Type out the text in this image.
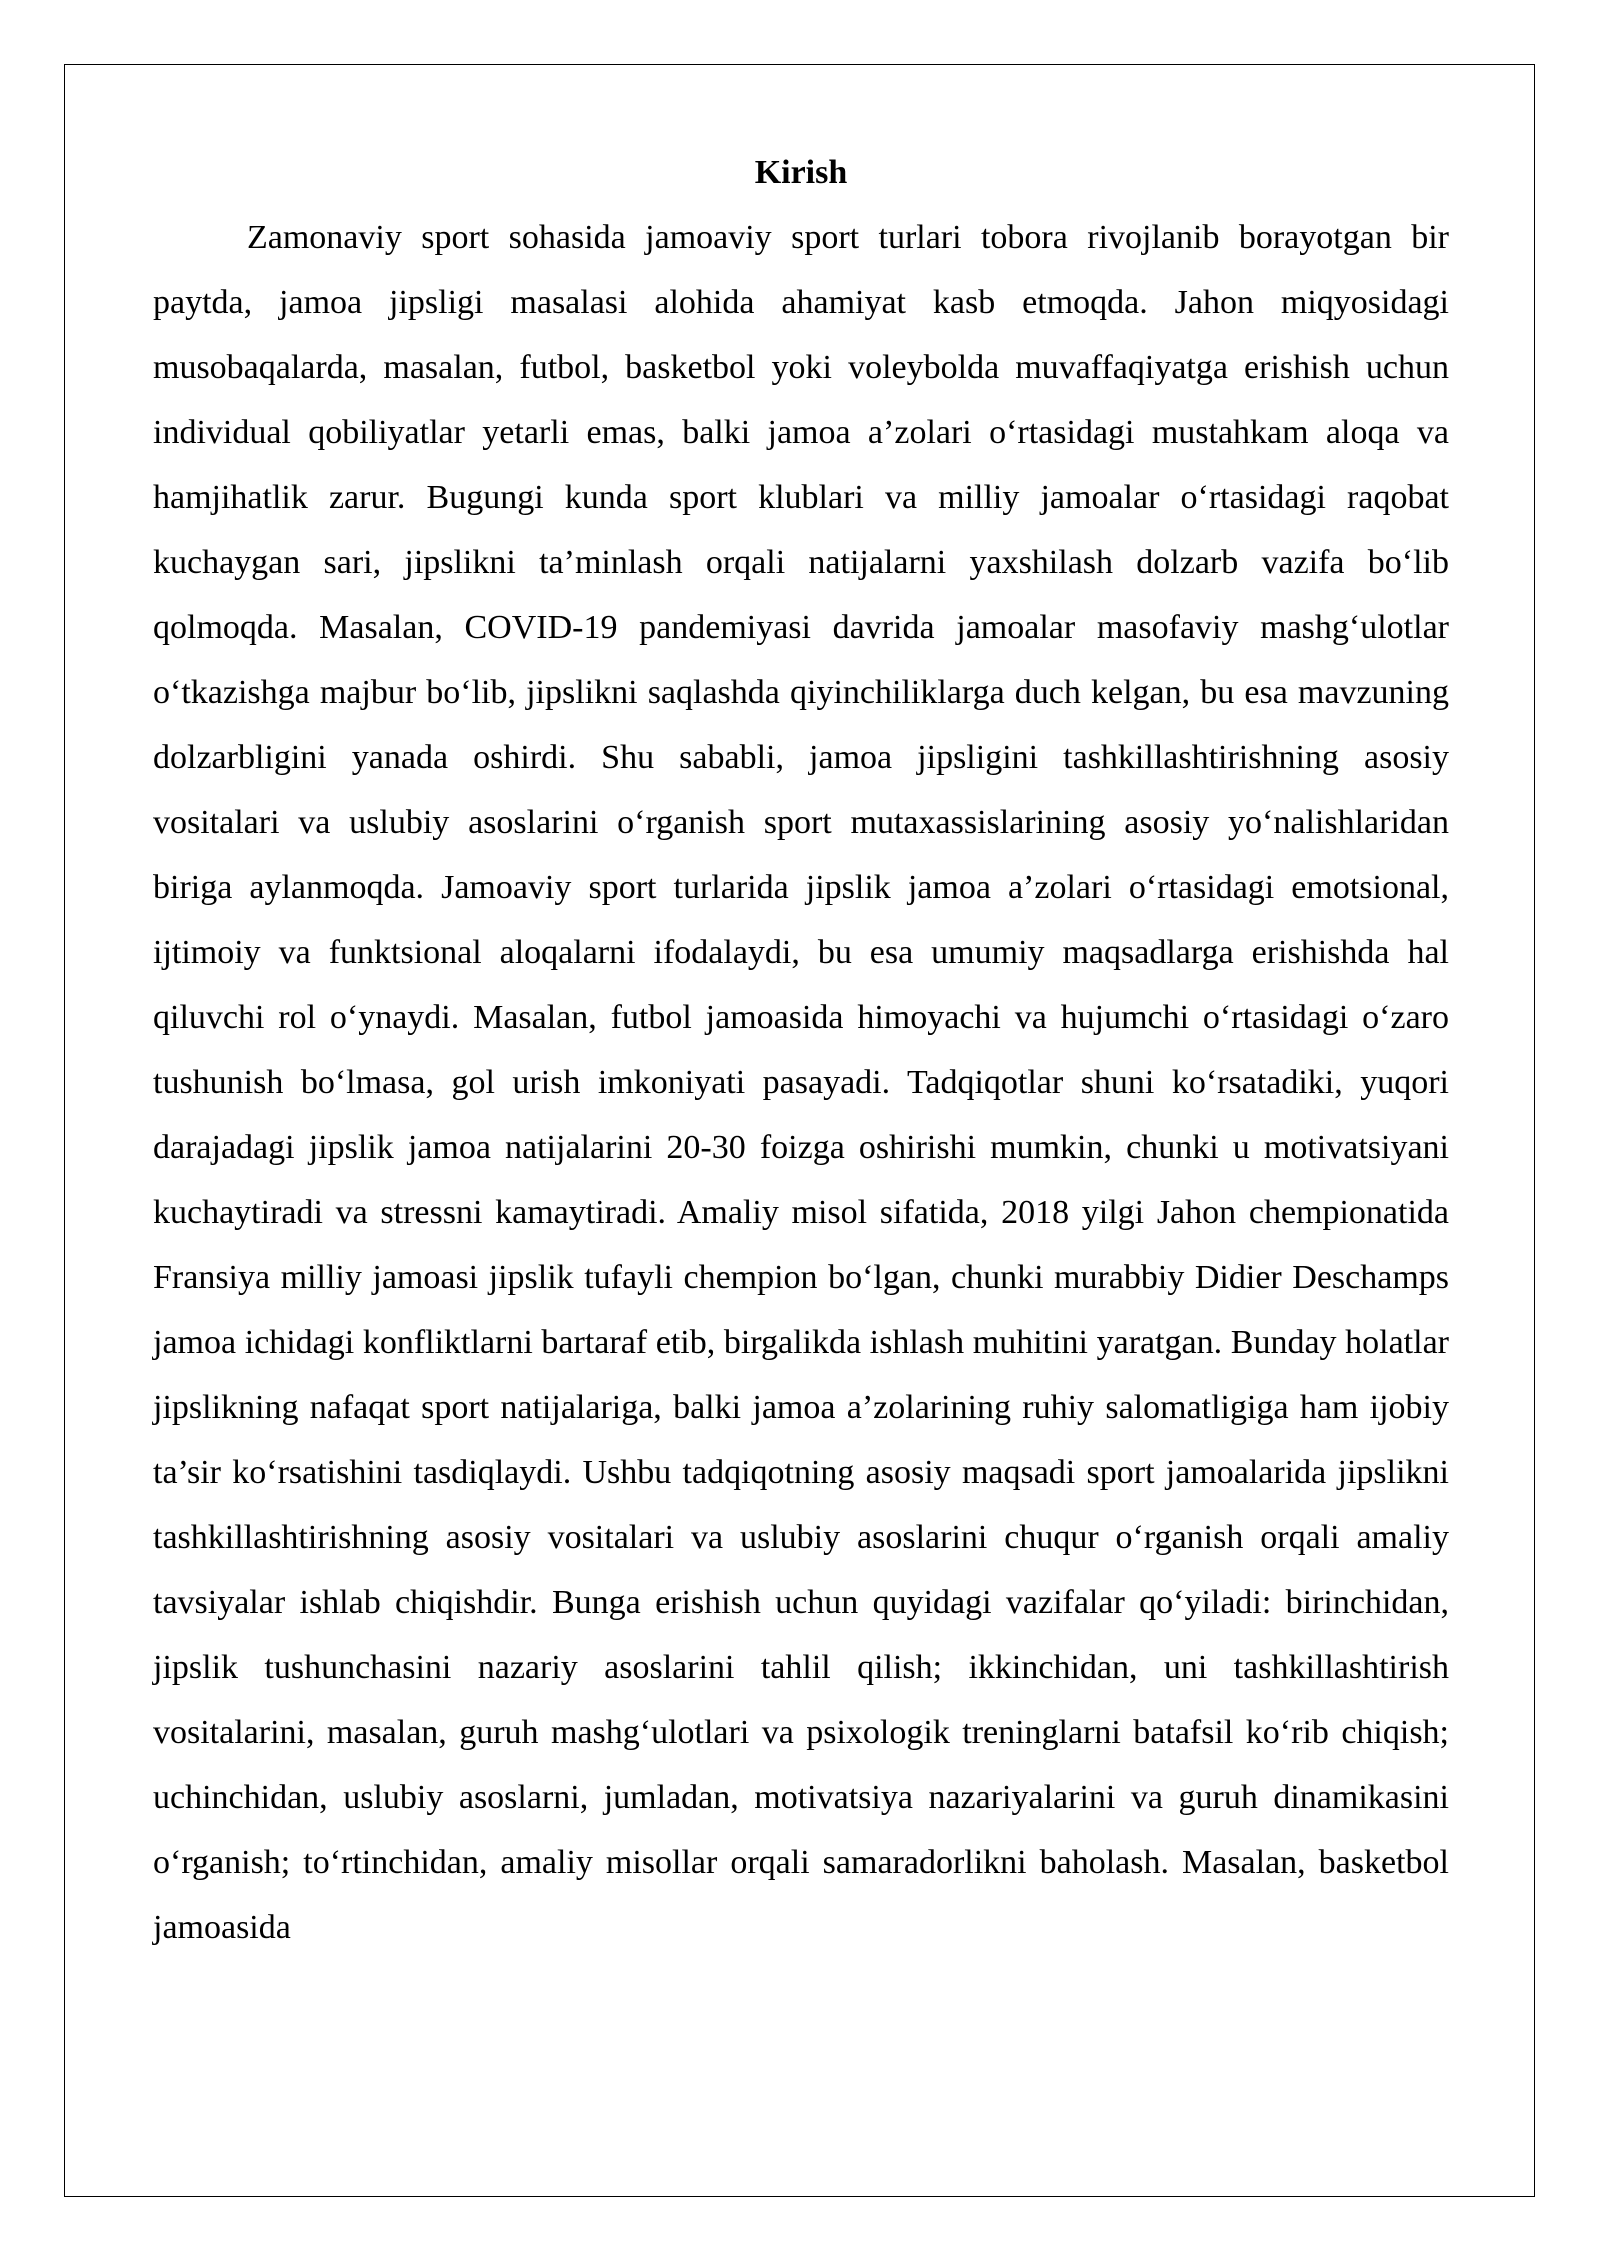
Kirish

Zamonaviy sport sohasida jamoaviy sport turlari tobora rivojlanib borayotgan bir paytda, jamoa jipsligi masalasi alohida ahamiyat kasb etmoqda. Jahon miqyosidagi musobaqalarda, masalan, futbol, basketbol yoki voleybolda muvaffaqiyatga erishish uchun individual qobiliyatlar yetarli emas, balki jamoa a’zolari o‘rtasidagi mustahkam aloqa va hamjihatlik zarur. Bugungi kunda sport klublari va milliy jamoalar o‘rtasidagi raqobat kuchaygan sari, jipslikni ta’minlash orqali natijalarni yaxshilash dolzarb vazifa bo‘lib qolmoqda. Masalan, COVID-19 pandemiyasi davrida jamoalar masofaviy mashg‘ulotlar o‘tkazishga majbur bo‘lib, jipslikni saqlashda qiyinchiliklarga duch kelgan, bu esa mavzuning dolzarbligini yanada oshirdi. Shu sababli, jamoa jipsligini tashkillashtirishning asosiy vositalari va uslubiy asoslarini o‘rganish sport mutaxassislarining asosiy yo‘nalishlaridan biriga aylanmoqda. Jamoaviy sport turlarida jipslik jamoa a’zolari o‘rtasidagi emotsional, ijtimoiy va funktsional aloqalarni ifodalaydi, bu esa umumiy maqsadlarga erishishda hal qiluvchi rol o‘ynaydi. Masalan, futbol jamoasida himoyachi va hujumchi o‘rtasidagi o‘zaro tushunish bo‘lmasa, gol urish imkoniyati pasayadi. Tadqiqotlar shuni ko‘rsatadiki, yuqori darajadagi jipslik jamoa natijalarini 20-30 foizga oshirishi mumkin, chunki u motivatsiyani kuchaytiradi va stressni kamaytiradi. Amaliy misol sifatida, 2018 yilgi Jahon chempionatida Fransiya milliy jamoasi jipslik tufayli chempion bo‘lgan, chunki murabbiy Didier Deschamps jamoa ichidagi konfliktlarni bartaraf etib, birgalikda ishlash muhitini yaratgan. Bunday holatlar jipslikning nafaqat sport natijalariga, balki jamoa a’zolarining ruhiy salomatligiga ham ijobiy ta’sir ko‘rsatishini tasdiqlaydi. Ushbu tadqiqotning asosiy maqsadi sport jamoalarida jipslikni tashkillashtirishning asosiy vositalari va uslubiy asoslarini chuqur o‘rganish orqali amaliy tavsiyalar ishlab chiqishdir. Bunga erishish uchun quyidagi vazifalar qo‘yiladi: birinchidan, jipslik tushunchasini nazariy asoslarini tahlil qilish; ikkinchidan, uni tashkillashtirish vositalarini, masalan, guruh mashg‘ulotlari va psixologik treninglarni batafsil ko‘rib chiqish; uchinchidan, uslubiy asoslarni, jumladan, motivatsiya nazariyalarini va guruh dinamikasini o‘rganish; to‘rtinchidan, amaliy misollar orqali samaradorlikni baholash. Masalan, basketbol jamoasida
